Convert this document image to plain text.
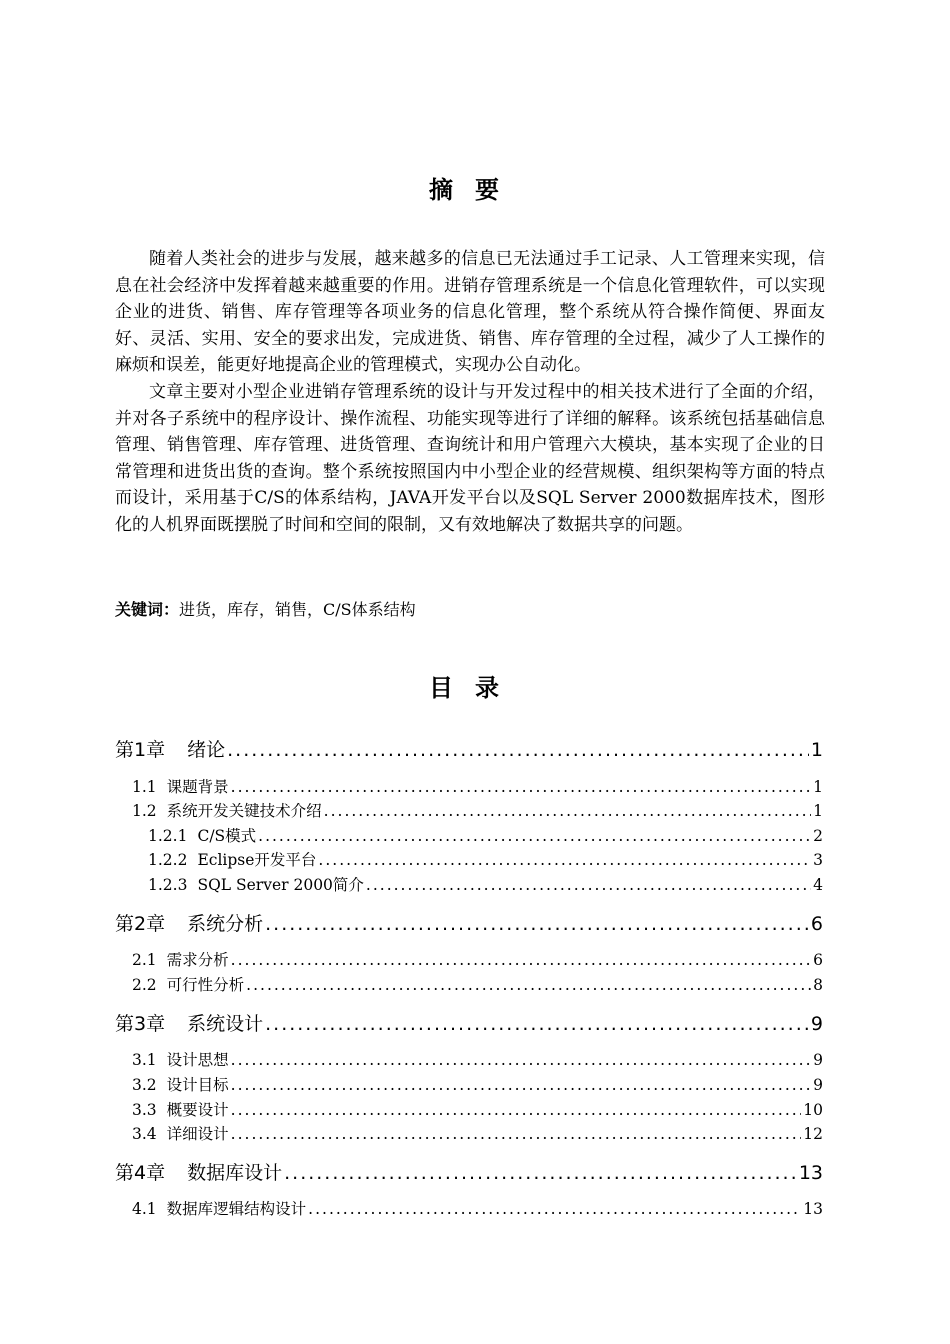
摘要

随着人类社会的进步与发展，越来越多的信息已无法通过手工记录、人工管理来实现，信息在社会经济中发挥着越来越重要的作用。进销存管理系统是一个信息化管理软件，可以实现企业的进货、销售、库存管理等各项业务的信息化管理，整个系统从符合操作简便、界面友好、灵活、实用、安全的要求出发，完成进货、销售、库存管理的全过程，减少了人工操作的麻烦和误差，能更好地提高企业的管理模式，实现办公自动化。

文章主要对小型企业进销存管理系统的设计与开发过程中的相关技术进行了全面的介绍，并对各子系统中的程序设计、操作流程、功能实现等进行了详细的解释。该系统包括基础信息管理、销售管理、库存管理、进货管理、查询统计和用户管理六大模块，基本实现了企业的日常管理和进货出货的查询。整个系统按照国内中小型企业的经营规模、组织架构等方面的特点而设计，采用基于C/S的体系结构，JAVA开发平台以及SQL Server 2000数据库技术，图形化的人机界面既摆脱了时间和空间的限制，又有效地解决了数据共享的问题。

关键词：进货，库存，销售，C/S体系结构
目录
第1章 绪论 .....	1
1.1 课题背景 .....	1
1.2 系统开发关键技术介绍 .....	1
1.2.1 C/S模式 .....	2
1.2.2 Eclipse开发平台 .....	3
1.2.3 SQL Server 2000简介 .....	4
第2章 系统分析 .....	6
2.1 需求分析 .....	6
2.2 可行性分析 .....	8
第3章 系统设计 .....	9
3.1 设计思想 .....	9
3.2 设计目标 .....	9
3.3 概要设计 .....	10
3.4 详细设计 .....	12
第4章 数据库设计 .....	13
4.1 数据库逻辑结构设计 .....	13
